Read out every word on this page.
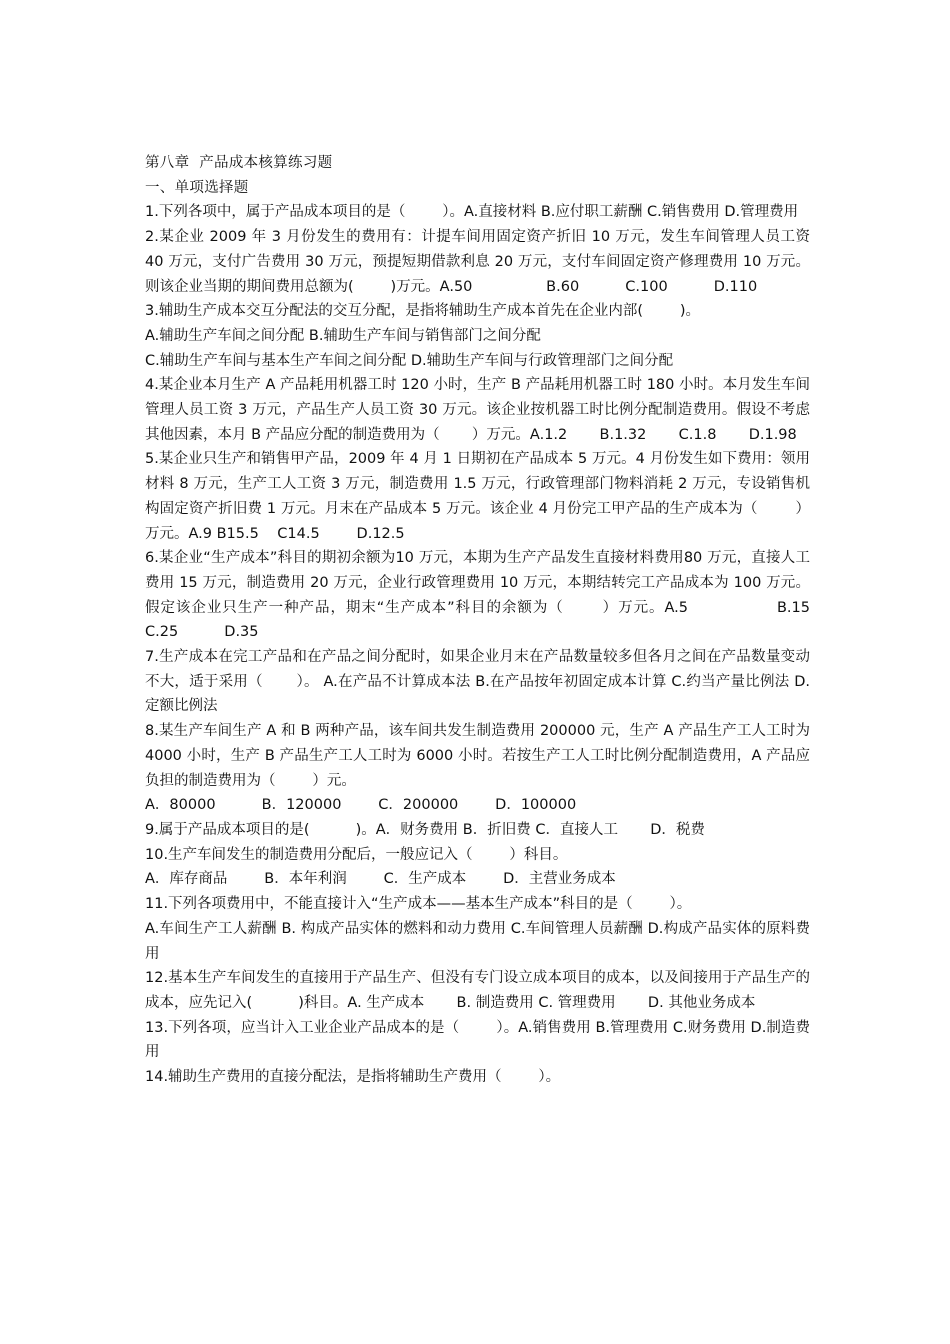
第八章  产品成本核算练习题

一、单项选择题

1.下列各项中，属于产品成本项目的是（        ）。A.直接材料 B.应付职工薪酬 C.销售费用 D.管理费用

2.某企业 2009 年 3 月份发生的费用有：计提车间用固定资产折旧 10 万元，发生车间管理人员工资 40 万元，支付广告费用 30 万元，预提短期借款利息 20 万元，支付车间固定资产修理费用 10 万元。则该企业当期的期间费用总额为(        )万元。A.50                B.60          C.100          D.110

3.辅助生产成本交互分配法的交互分配，是指将辅助生产成本首先在企业内部(        )。

A.辅助生产车间之间分配 B.辅助生产车间与销售部门之间分配

C.辅助生产车间与基本生产车间之间分配 D.辅助生产车间与行政管理部门之间分配

4.某企业本月生产 A 产品耗用机器工时 120 小时，生产 B 产品耗用机器工时 180 小时。本月发生车间管理人员工资 3 万元，产品生产人员工资 30 万元。该企业按机器工时比例分配制造费用。假设不考虑其他因素，本月 B 产品应分配的制造费用为（       ）万元。A.1.2       B.1.32       C.1.8       D.1.98

5.某企业只生产和销售甲产品，2009 年 4 月 1 日期初在产品成本 5 万元。4 月份发生如下费用：领用材料 8 万元，生产工人工资 3 万元，制造费用 1.5 万元，行政管理部门物料消耗 2 万元，专设销售机构固定资产折旧费 1 万元。月末在产品成本 5 万元。该企业 4 月份完工甲产品的生产成本为（        ）万元。A.9 B15.5    C14.5        D.12.5

6.某企业“生产成本”科目的期初余额为10 万元，本期为生产产品发生直接材料费用80 万元，直接人工费用 15 万元，制造费用 20 万元，企业行政管理费用 10 万元，本期结转完工产品成本为 100 万元。假定该企业只生产一种产品，期末“生产成本”科目的余额为（       ）万元。A.5                B.15          C.25          D.35

7.生产成本在完工产品和在产品之间分配时，如果企业月末在产品数量较多但各月之间在产品数量变动不大，适于采用（       ）。 A.在产品不计算成本法 B.在产品按年初固定成本计算 C.约当产量比例法 D.定额比例法

8.某生产车间生产 A 和 B 两种产品，该车间共发生制造费用 200000 元，生产 A 产品生产工人工时为 4000 小时，生产 B 产品生产工人工时为 6000 小时。若按生产工人工时比例分配制造费用，A 产品应负担的制造费用为（        ）元。

A．80000          B．120000        C．200000        D．100000

9.属于产品成本项目的是(          )。A．财务费用 B．折旧费 C．直接人工       D．税费

10.生产车间发生的制造费用分配后，一般应记入（        ）科目。

A．库存商品        B．本年利润        C．生产成本        D．主营业务成本

11.下列各项费用中，不能直接计入“生产成本——基本生产成本”科目的是（        ）。

A.车间生产工人薪酬 B. 构成产品实体的燃料和动力费用 C.车间管理人员薪酬 D.构成产品实体的原料费用

12.基本生产车间发生的直接用于产品生产、但没有专门设立成本项目的成本，以及间接用于产品生产的成本，应先记入(          )科目。A. 生产成本       B. 制造费用 C. 管理费用       D. 其他业务成本

13.下列各项，应当计入工业企业产品成本的是（        ）。A.销售费用 B.管理费用 C.财务费用 D.制造费用

14.辅助生产费用的直接分配法，是指将辅助生产费用（        ）。
